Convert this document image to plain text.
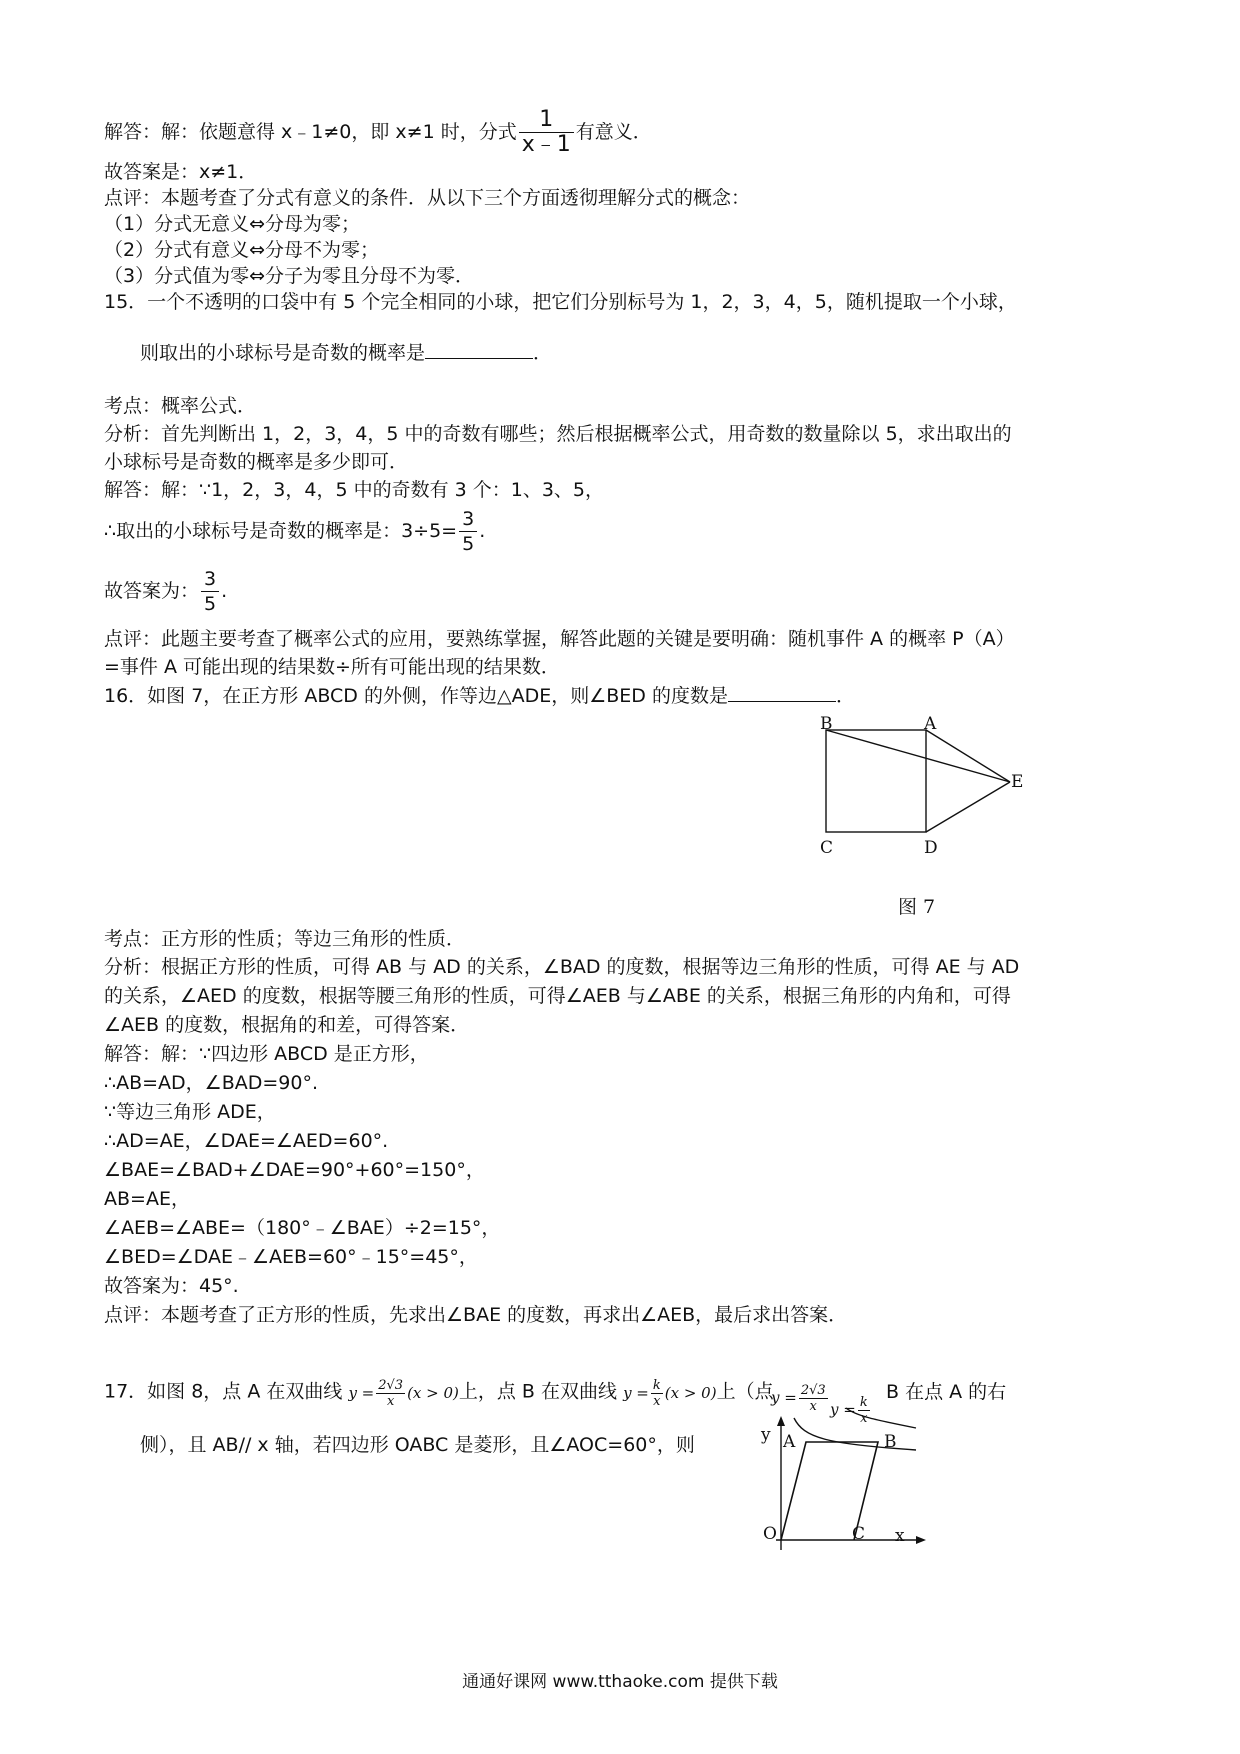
解答：解：依题意得 x﹣1≠0，即 x≠1 时，分式 $\frac{1}{x﹣1}$ 有意义．
故答案是：x≠1．
点评：本题考查了分式有意义的条件．从以下三个方面透彻理解分式的概念：
（1）分式无意义⇔分母为零；
（2）分式有意义⇔分母不为零；
（3）分式值为零⇔分子为零且分母不为零．
15．一个不透明的口袋中有 5 个完全相同的小球，把它们分别标号为 1，2，3，4，5，随机提取一个小球，
则取出的小球标号是奇数的概率是	．
考点：概率公式．
分析：首先判断出 1，2，3，4，5 中的奇数有哪些；然后根据概率公式，用奇数的数量除以 5，求出取出的
小球标号是奇数的概率是多少即可．
解答：解：∵1，2，3，4，5 中的奇数有 3 个：1、3、5，
∴取出的小球标号是奇数的概率是：$3\div 5= \frac{3}{5}$ .
故答案为： $\frac{3}{5}$ .
点评：此题主要考查了概率公式的应用，要熟练掌握，解答此题的关键是要明确：随机事件 A 的概率 P（A）
=事件 A 可能出现的结果数÷所有可能出现的结果数．
16．如图 7，在正方形 ABCD 的外侧，作等边△ADE，则∠BED 的度数是	．
B	A
E
C	D
图 7
考点：正方形的性质；等边三角形的性质．
分析：根据正方形的性质，可得 AB 与 AD 的关系，∠BAD 的度数，根据等边三角形的性质，可得 AE 与 AD
的关系，∠AED 的度数，根据等腰三角形的性质，可得∠AEB 与∠ABE 的关系，根据三角形的内角和，可得
∠AEB 的度数，根据角的和差，可得答案．
解答：解：∵四边形 ABCD 是正方形，
∴AB=AD，∠BAD=90°.
∵等边三角形 ADE，
∴AD=AE，∠DAE=∠AED=60°.
∠BAE=∠BAD+∠DAE=90°+60°=150°，
AB=AE，
∠AEB=∠ABE=（180°﹣∠BAE）÷2=15°，
∠BED=∠DAE﹣∠AEB=60°﹣15°=45°，
故答案为：45°.
点评：本题考查了正方形的性质，先求出∠BAE 的度数，再求出∠AEB，最后求出答案．
17．如图 8，点 A 在双曲线 $y = \frac{2√3}{x} (x > 0)$上，点 B 在双曲线 $y = \frac{k}{x} (x > 0)$上（点	B 在点 A 的右
侧），且 AB// x 轴，若四边形 OABC 是菱形，且∠AOC=60°，则
$y = \frac{2√3}{x}$ $y = \frac{k}{x}$
y A	B
O	C x
通通好课网 www.tthaoke.com 提供下载
